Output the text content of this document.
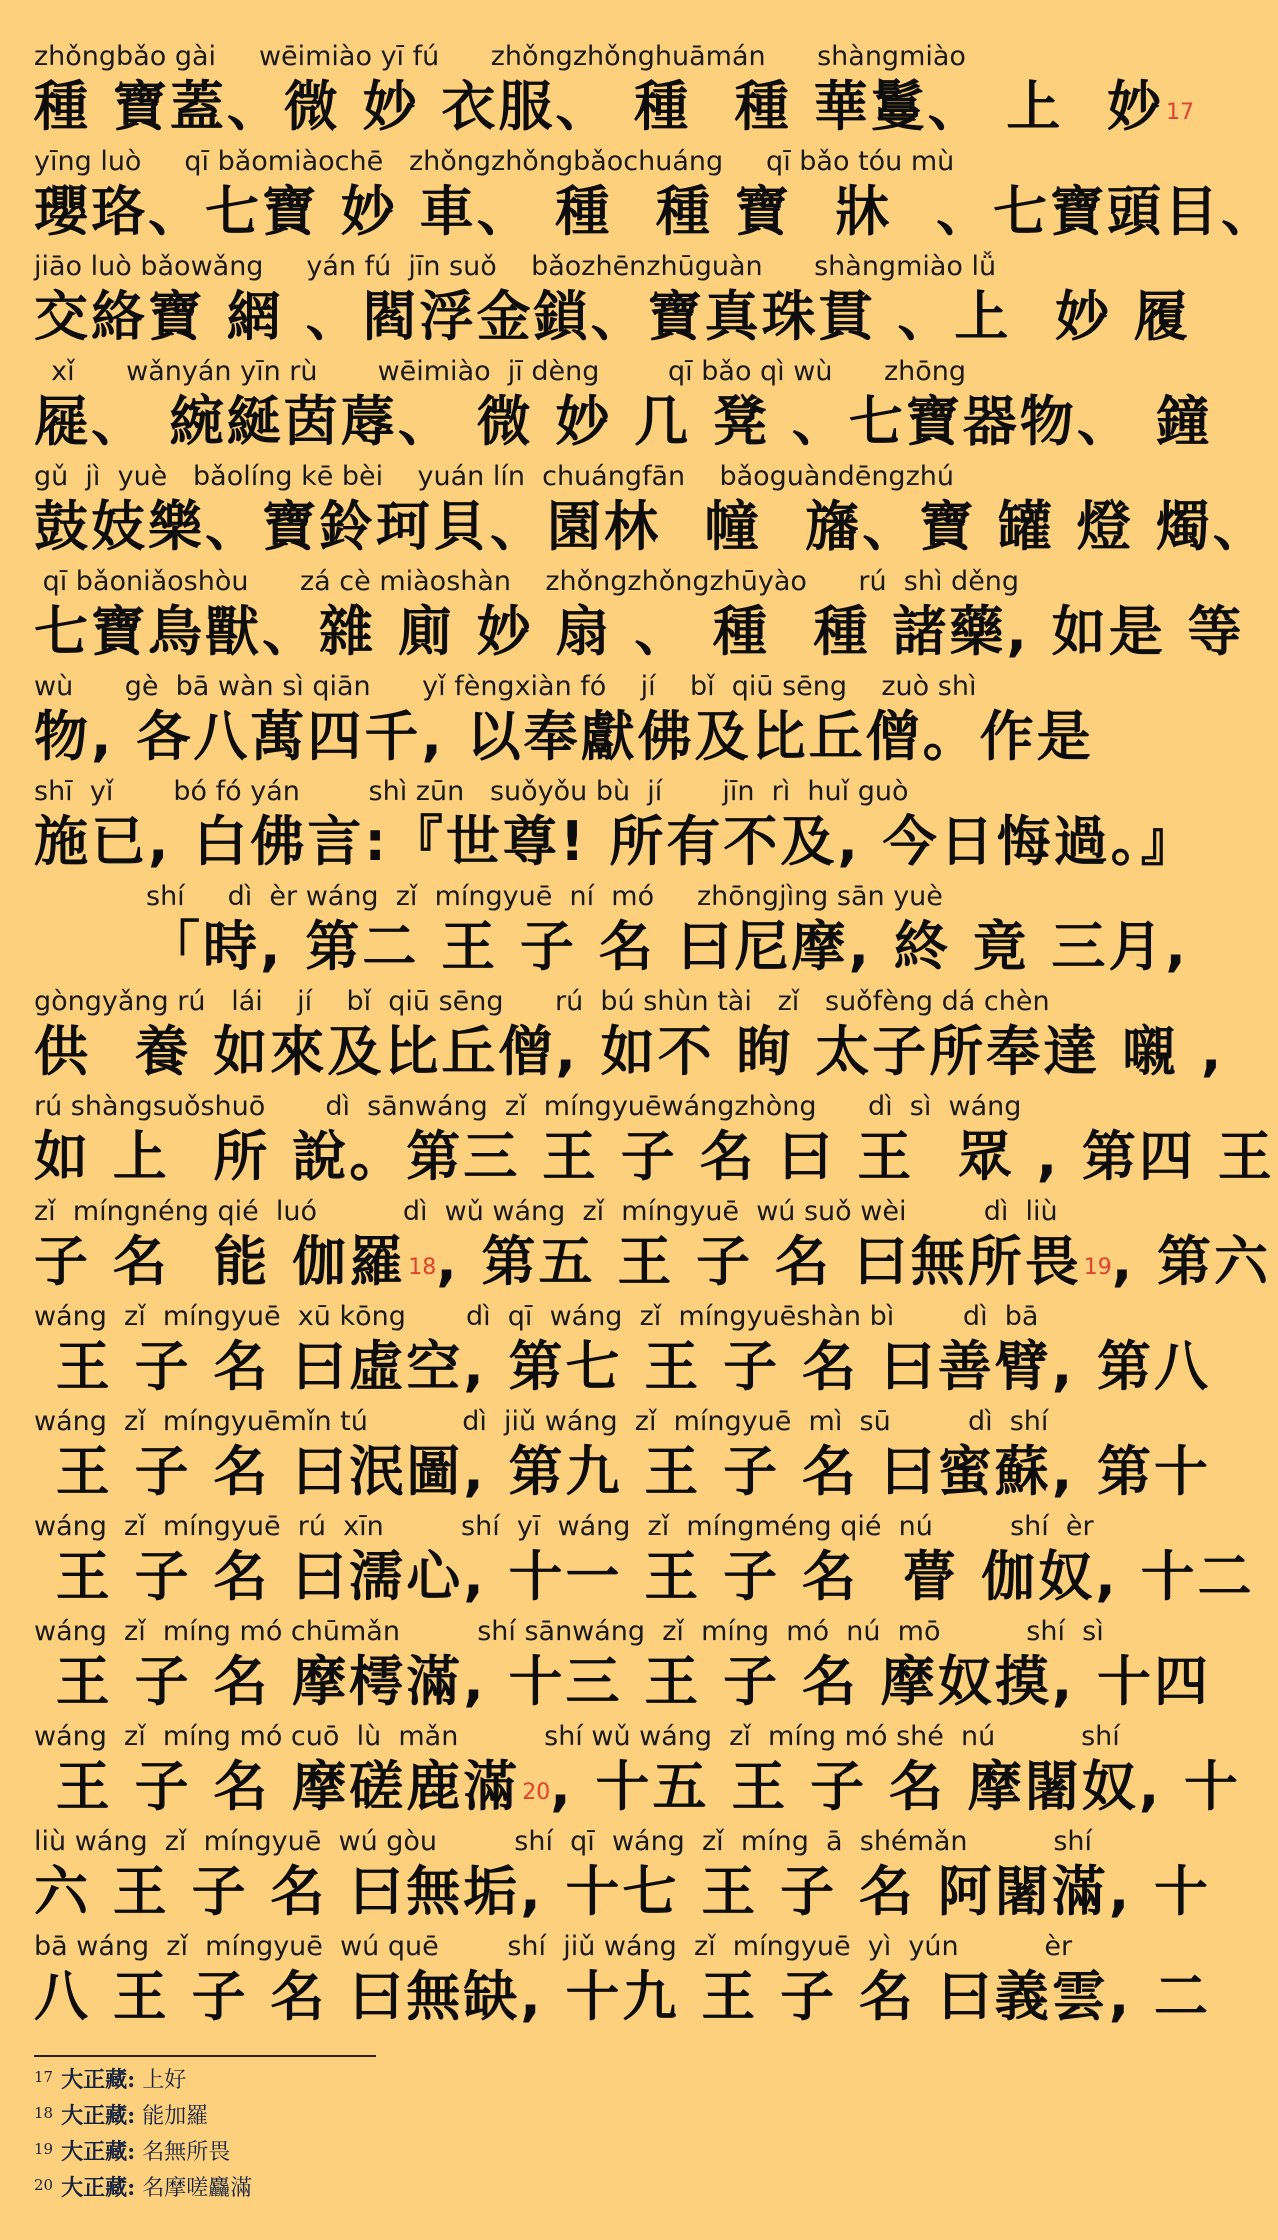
zhǒngbǎo gài     wēimiào yī fú      zhǒngzhǒnghuāmán      shàngmiào
種 寶蓋、微 妙 衣服、 種  種 華鬘、 上  妙$^{17}$
yīng luò     qī bǎomiàochē   zhǒngzhǒngbǎochuáng     qī bǎo tóu mù
瓔珞、七寶 妙 車、 種  種 寶  牀  、七寶頭目、
jiāo luò bǎowǎng     yán fú  jīn suǒ    bǎozhēnzhūguàn      shàngmiào lǚ
交絡寶 網 、閻浮金鎖、寶真珠貫 、上  妙 履
xǐ      wǎnyán yīn rù       wēimiào  jī dèng        qī bǎo qì wù      zhōng
屣、 綩綖茵蓐、 微 妙 几 凳 、七寶器物、 鐘
gǔ  jì  yuè   bǎolíng kē bèi    yuán lín  chuángfān    bǎoguàndēngzhú
鼓妓樂、寶鈴珂貝、園林  幢  旛、寶 罐 燈 燭、
qī bǎoniǎoshòu      zá cè miàoshàn    zhǒngzhǒngzhūyào      rú  shì děng
七寶鳥獸、雜 廁 妙 扇 、 種  種 諸藥, 如是 等
wù      gè  bā wàn sì qiān      yǐ fèngxiàn fó    jí    bǐ  qiū sēng    zuò shì
物, 各八萬四千, 以奉獻佛及比丘僧。作是
shī  yǐ       bó fó yán        shì zūn   suǒyǒu bù  jí       jīn  rì  huǐ guò
施已, 白佛言:『世尊! 所有不及, 今日悔過。』
shí     dì  èr wáng  zǐ  míngyuē  ní  mó     zhōngjìng sān yuè
「時, 第二 王 子 名 曰尼摩, 終 竟 三月,
gòngyǎng rú   lái    jí    bǐ  qiū sēng      rú  bú shùn tài   zǐ   suǒfèng dá chèn
供  養 如來及比丘僧, 如不 眴 太子所奉達 嚫 ,
rú shàngsuǒshuō       dì  sānwáng  zǐ  míngyuēwángzhòng      dì  sì  wáng
如 上  所 說。第三 王 子 名 曰 王  眾 , 第四 王
zǐ  míngnéng qié  luó          dì  wǔ wáng  zǐ  míngyuē  wú suǒ wèi         dì  liù
子 名  能 伽羅$^{18}$, 第五 王 子 名 曰無所畏$^{19}$, 第六
wáng  zǐ  míngyuē  xū kōng       dì  qī  wáng  zǐ  míngyuēshàn bì        dì  bā
王 子 名 曰虛空, 第七 王 子 名 曰善臂, 第八
wáng  zǐ  míngyuēmǐn tú           dì  jiǔ wáng  zǐ  míngyuē  mì  sū         dì  shí
王 子 名 曰泯圖, 第九 王 子 名 曰蜜蘇, 第十
wáng  zǐ  míngyuē  rú  xīn         shí  yī  wáng  zǐ  míngméng qié  nú         shí  èr
王 子 名 曰濡心, 十一 王 子 名  瞢 伽奴, 十二
wáng  zǐ  míng mó chūmǎn         shí sānwáng  zǐ  míng  mó  nú  mō          shí  sì
王 子 名 摩樗滿, 十三 王 子 名 摩奴摸, 十四
wáng  zǐ  míng mó cuō  lù  mǎn          shí wǔ wáng  zǐ  míng mó shé  nú          shí
王 子 名 摩磋鹿滿$^{20}$, 十五 王 子 名 摩闍奴, 十
liù wáng  zǐ  míngyuē  wú gòu         shí  qī  wáng  zǐ  míng  ā  shémǎn          shí
六 王 子 名 曰無垢, 十七 王 子 名 阿闍滿, 十
bā wáng  zǐ  míngyuē  wú quē        shí  jiǔ wáng  zǐ  míngyuē  yì  yún          èr
八 王 子 名 曰無缺, 十九 王 子 名 曰義雲, 二
$^{17}$ 大正藏: 上好
$^{18}$ 大正藏: 能加羅
$^{19}$ 大正藏: 名無所畏
$^{20}$ 大正藏: 名摩嗟麤滿
